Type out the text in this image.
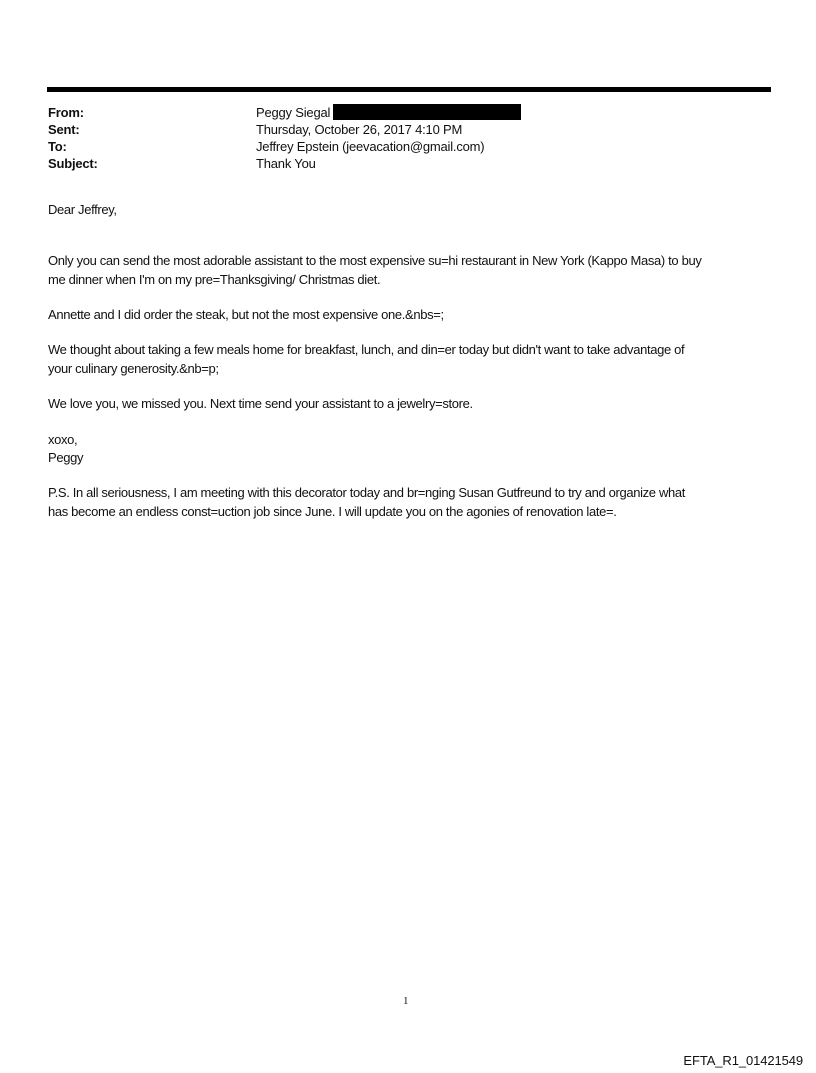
From:	Peggy Siegal
Sent:	Thursday, October 26, 2017 4:10 PM
To:	Jeffrey Epstein (jeevacation@gmail.com)
Subject:	Thank You
Dear Jeffrey,
Only you can send the most adorable assistant to the most expensive su=hi restaurant in New York (Kappo Masa) to buy
me dinner when I'm on my pre=Thanksgiving/ Christmas diet.
Annette and I did order the steak, but not the most expensive one.&nbs=;
We thought about taking a few meals home for breakfast, lunch, and din=er today but didn't want to take advantage of
your culinary generosity.&nb=p;
We love you, we missed you. Next time send your assistant to a jewelry=store.
xoxo,
Peggy
P.S. In all seriousness, I am meeting with this decorator today and br=nging Susan Gutfreund to try and organize what
has become an endless const=uction job since June. I will update you on the agonies of renovation late=.
1
EFTA_R1_01421549
